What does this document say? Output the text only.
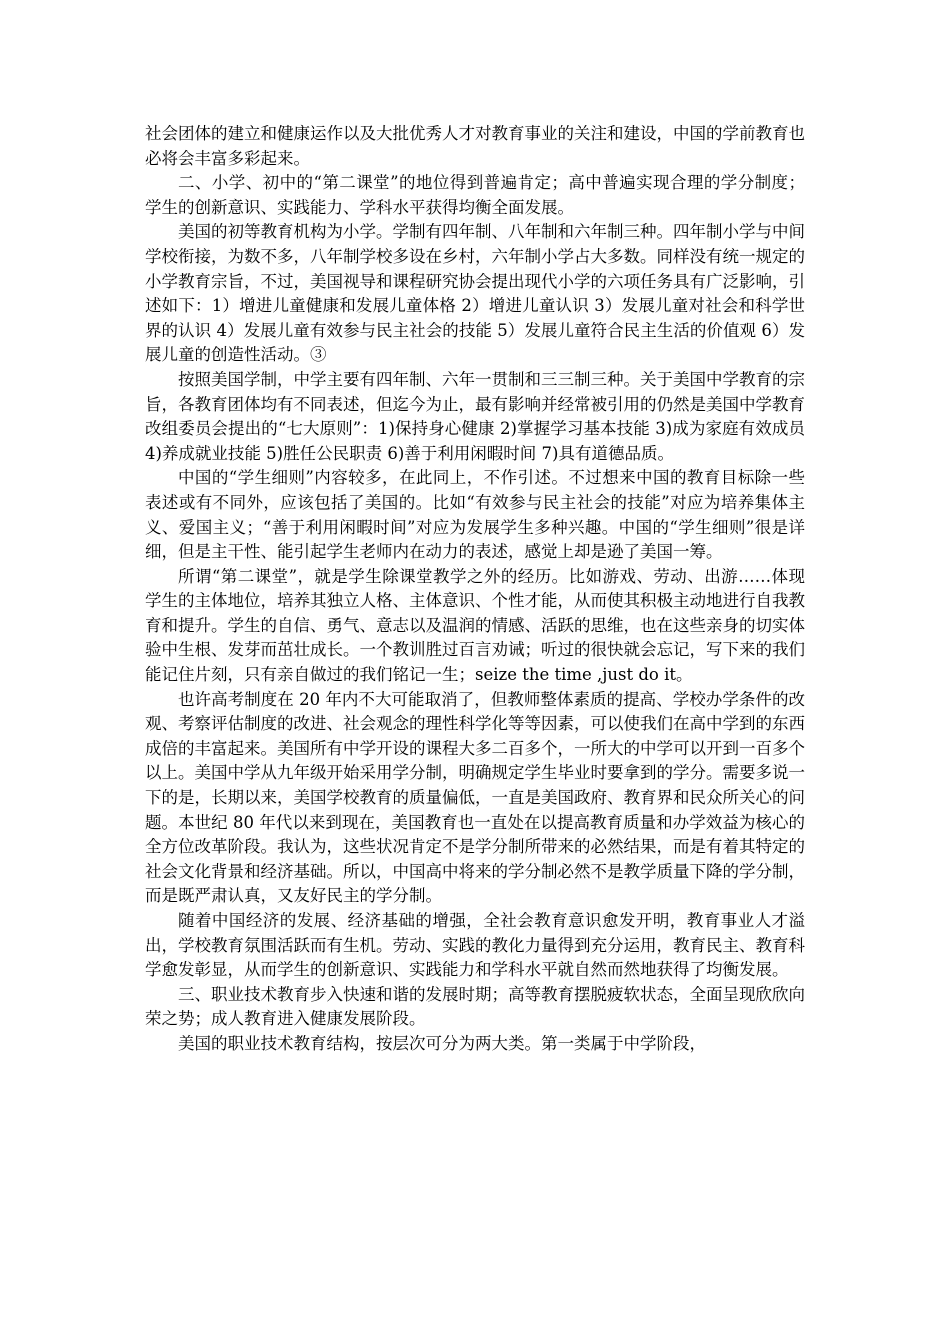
社会团体的建立和健康运作以及大批优秀人才对教育事业的关注和建设，中国的学前教育也必将会丰富多彩起来。

二、小学、初中的“第二课堂”的地位得到普遍肯定；高中普遍实现合理的学分制度；学生的创新意识、实践能力、学科水平获得均衡全面发展。

美国的初等教育机构为小学。学制有四年制、八年制和六年制三种。四年制小学与中间学校衔接，为数不多，八年制学校多设在乡村，六年制小学占大多数。同样没有统一规定的小学教育宗旨，不过，美国视导和课程研究协会提出现代小学的六项任务具有广泛影响，引述如下：1）增进儿童健康和发展儿童体格 2）增进儿童认识 3）发展儿童对社会和科学世界的认识 4）发展儿童有效参与民主社会的技能 5）发展儿童符合民主生活的价值观 6）发展儿童的创造性活动。③

按照美国学制，中学主要有四年制、六年一贯制和三三制三种。关于美国中学教育的宗旨，各教育团体均有不同表述，但迄今为止，最有影响并经常被引用的仍然是美国中学教育改组委员会提出的“七大原则”：1)保持身心健康 2)掌握学习基本技能 3)成为家庭有效成员 4)养成就业技能 5)胜任公民职责 6)善于利用闲暇时间 7)具有道德品质。

中国的“学生细则”内容较多，在此同上，不作引述。不过想来中国的教育目标除一些表述或有不同外，应该包括了美国的。比如“有效参与民主社会的技能”对应为培养集体主义、爱国主义；“善于利用闲暇时间”对应为发展学生多种兴趣。中国的“学生细则”很是详细，但是主干性、能引起学生老师内在动力的表述，感觉上却是逊了美国一筹。

所谓“第二课堂”，就是学生除课堂教学之外的经历。比如游戏、劳动、出游……体现学生的主体地位，培养其独立人格、主体意识、个性才能，从而使其积极主动地进行自我教育和提升。学生的自信、勇气、意志以及温润的情感、活跃的思维，也在这些亲身的切实体验中生根、发芽而茁壮成长。一个教训胜过百言劝诫；听过的很快就会忘记，写下来的我们能记住片刻，只有亲自做过的我们铭记一生；seize the time ,just do it。

也许高考制度在 20 年内不大可能取消了，但教师整体素质的提高、学校办学条件的改观、考察评估制度的改进、社会观念的理性科学化等等因素，可以使我们在高中学到的东西成倍的丰富起来。美国所有中学开设的课程大多二百多个，一所大的中学可以开到一百多个以上。美国中学从九年级开始采用学分制，明确规定学生毕业时要拿到的学分。需要多说一下的是，长期以来，美国学校教育的质量偏低，一直是美国政府、教育界和民众所关心的问题。本世纪 80 年代以来到现在，美国教育也一直处在以提高教育质量和办学效益为核心的全方位改革阶段。我认为，这些状况肯定不是学分制所带来的必然结果，而是有着其特定的社会文化背景和经济基础。所以，中国高中将来的学分制必然不是教学质量下降的学分制，而是既严肃认真，又友好民主的学分制。

随着中国经济的发展、经济基础的增强，全社会教育意识愈发开明，教育事业人才溢出，学校教育氛围活跃而有生机。劳动、实践的教化力量得到充分运用，教育民主、教育科学愈发彰显，从而学生的创新意识、实践能力和学科水平就自然而然地获得了均衡发展。

三、职业技术教育步入快速和谐的发展时期；高等教育摆脱疲软状态，全面呈现欣欣向荣之势；成人教育进入健康发展阶段。

美国的职业技术教育结构，按层次可分为两大类。第一类属于中学阶段，
